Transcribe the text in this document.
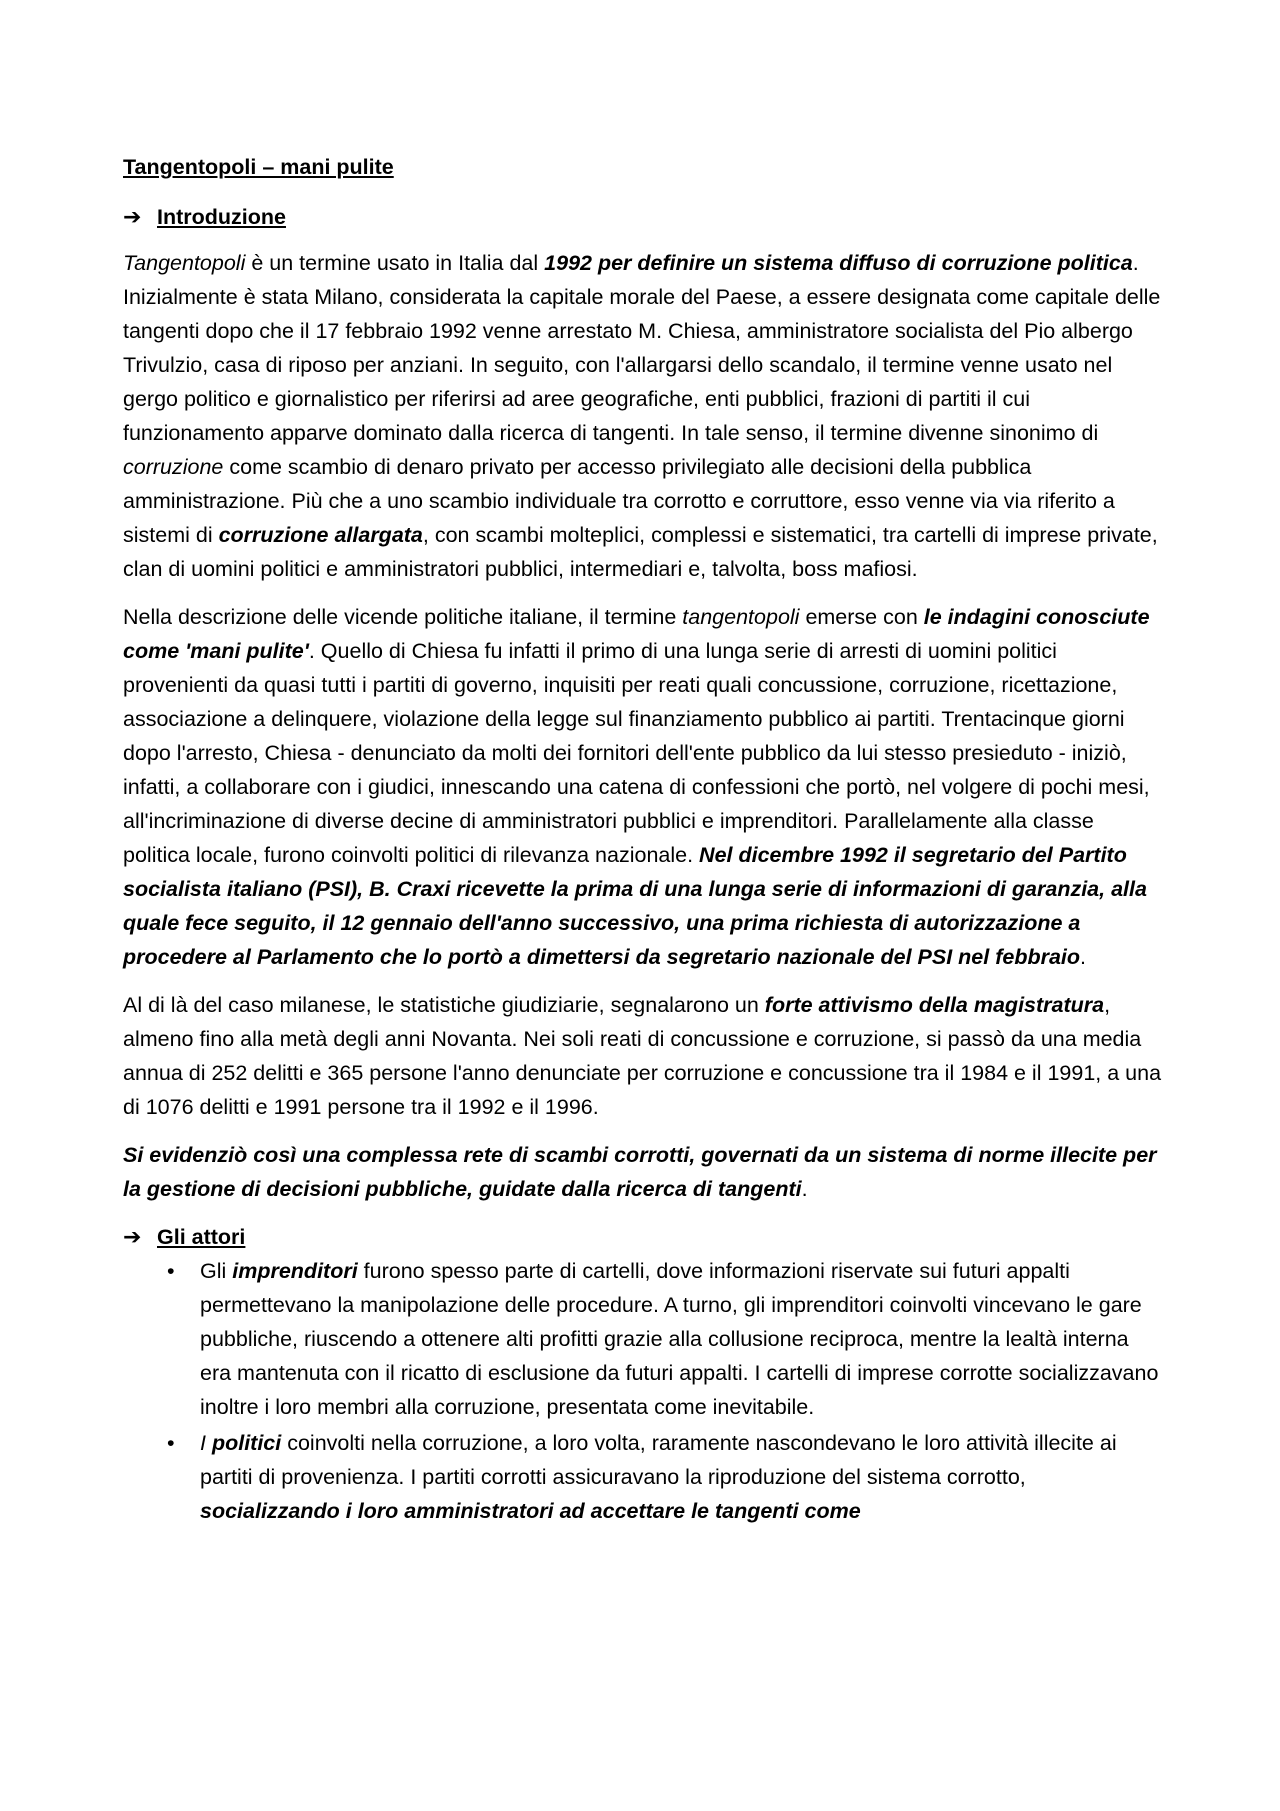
Tangentopoli – mani pulite
➔ Introduzione

Tangentopoli è un termine usato in Italia dal 1992 per definire un sistema diffuso di corruzione politica. Inizialmente è stata Milano, considerata la capitale morale del Paese, a essere designata come capitale delle tangenti dopo che il 17 febbraio 1992 venne arrestato M. Chiesa, amministratore socialista del Pio albergo Trivulzio, casa di riposo per anziani. In seguito, con l'allargarsi dello scandalo, il termine venne usato nel gergo politico e giornalistico per riferirsi ad aree geografiche, enti pubblici, frazioni di partiti il cui funzionamento apparve dominato dalla ricerca di tangenti. In tale senso, il termine divenne sinonimo di corruzione come scambio di denaro privato per accesso privilegiato alle decisioni della pubblica amministrazione. Più che a uno scambio individuale tra corrotto e corruttore, esso venne via via riferito a sistemi di corruzione allargata, con scambi molteplici, complessi e sistematici, tra cartelli di imprese private, clan di uomini politici e amministratori pubblici, intermediari e, talvolta, boss mafiosi.

Nella descrizione delle vicende politiche italiane, il termine tangentopoli emerse con le indagini conosciute come 'mani pulite'. Quello di Chiesa fu infatti il primo di una lunga serie di arresti di uomini politici provenienti da quasi tutti i partiti di governo, inquisiti per reati quali concussione, corruzione, ricettazione, associazione a delinquere, violazione della legge sul finanziamento pubblico ai partiti. Trentacinque giorni dopo l'arresto, Chiesa - denunciato da molti dei fornitori dell'ente pubblico da lui stesso presieduto - iniziò, infatti, a collaborare con i giudici, innescando una catena di confessioni che portò, nel volgere di pochi mesi, all'incriminazione di diverse decine di amministratori pubblici e imprenditori. Parallelamente alla classe politica locale, furono coinvolti politici di rilevanza nazionale. Nel dicembre 1992 il segretario del Partito socialista italiano (PSI), B. Craxi ricevette la prima di una lunga serie di informazioni di garanzia, alla quale fece seguito, il 12 gennaio dell'anno successivo, una prima richiesta di autorizzazione a procedere al Parlamento che lo portò a dimettersi da segretario nazionale del PSI nel febbraio.

Al di là del caso milanese, le statistiche giudiziarie, segnalarono un forte attivismo della magistratura, almeno fino alla metà degli anni Novanta. Nei soli reati di concussione e corruzione, si passò da una media annua di 252 delitti e 365 persone l'anno denunciate per corruzione e concussione tra il 1984 e il 1991, a una di 1076 delitti e 1991 persone tra il 1992 e il 1996.

Si evidenziò così una complessa rete di scambi corrotti, governati da un sistema di norme illecite per la gestione di decisioni pubbliche, guidate dalla ricerca di tangenti.

➔ Gli attori
• Gli imprenditori furono spesso parte di cartelli, dove informazioni riservate sui futuri appalti permettevano la manipolazione delle procedure. A turno, gli imprenditori coinvolti vincevano le gare pubbliche, riuscendo a ottenere alti profitti grazie alla collusione reciproca, mentre la lealtà interna era mantenuta con il ricatto di esclusione da futuri appalti. I cartelli di imprese corrotte socializzavano inoltre i loro membri alla corruzione, presentata come inevitabile.
• I politici coinvolti nella corruzione, a loro volta, raramente nascondevano le loro attività illecite ai partiti di provenienza. I partiti corrotti assicuravano la riproduzione del sistema corrotto, socializzando i loro amministratori ad accettare le tangenti come
